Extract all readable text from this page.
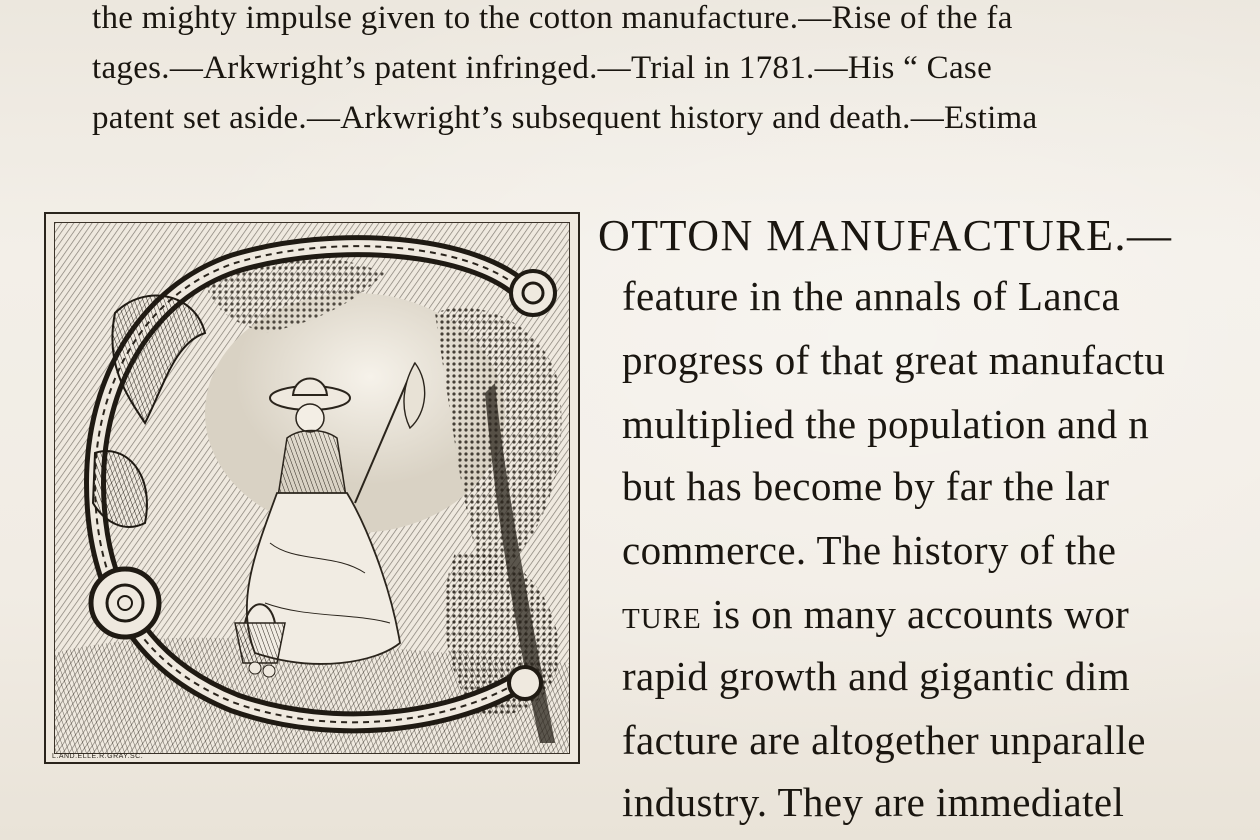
the mighty impulse given to the cotton manufacture.—Rise of the fa
tages.—Arkwright’s patent infringed.—Trial in 1781.—His “ Case
patent set aside.—Arkwright’s subsequent history and death.—Estima
L.AND.ELLE.R.GRAY.SC.
OTTON MANUFACTURE.—
feature in the annals of Lanca
progress of that great manufactu
multiplied the population and n
but has become by far the lar
commerce. The history of the
ture is on many accounts wor
rapid growth and gigantic dim
facture are altogether unparalle
industry. They are immediatel
